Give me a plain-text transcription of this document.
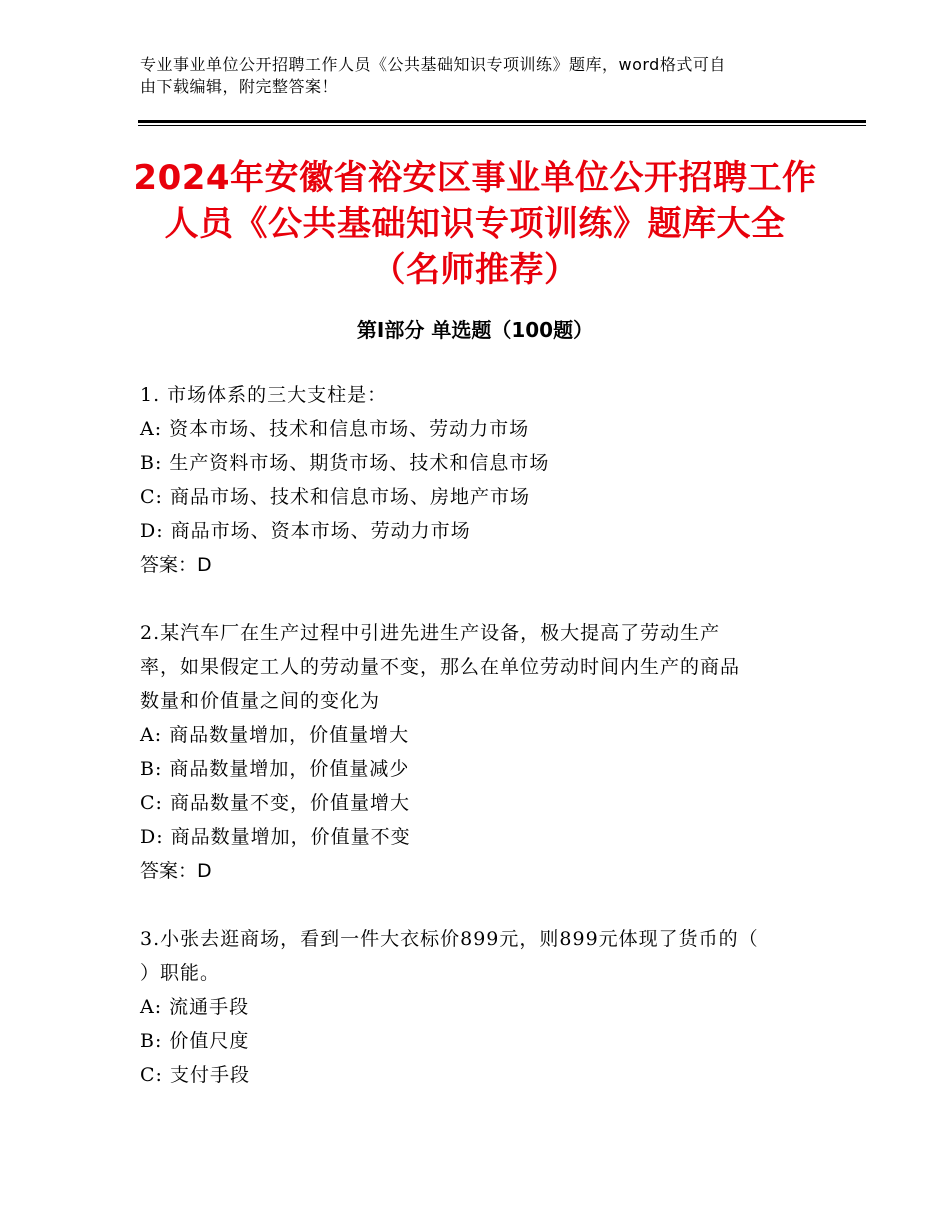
专业事业单位公开招聘工作人员《公共基础知识专项训练》题库，word格式可自
由下载编辑，附完整答案！
2024年安徽省裕安区事业单位公开招聘工作
人员《公共基础知识专项训练》题库大全
（名师推荐）
第Ⅰ部分 单选题（100题）
1. 市场体系的三大支柱是：
A: 资本市场、技术和信息市场、劳动力市场
B: 生产资料市场、期货市场、技术和信息市场
C: 商品市场、技术和信息市场、房地产市场
D: 商品市场、资本市场、劳动力市场
答案：D
2.某汽车厂在生产过程中引进先进生产设备，极大提高了劳动生产
率，如果假定工人的劳动量不变，那么在单位劳动时间内生产的商品
数量和价值量之间的变化为
A: 商品数量增加，价值量增大
B: 商品数量增加，价值量减少
C: 商品数量不变，价值量增大
D: 商品数量增加，价值量不变
答案：D
3.小张去逛商场，看到一件大衣标价899元，则899元体现了货币的（
）职能。
A: 流通手段
B: 价值尺度
C: 支付手段
